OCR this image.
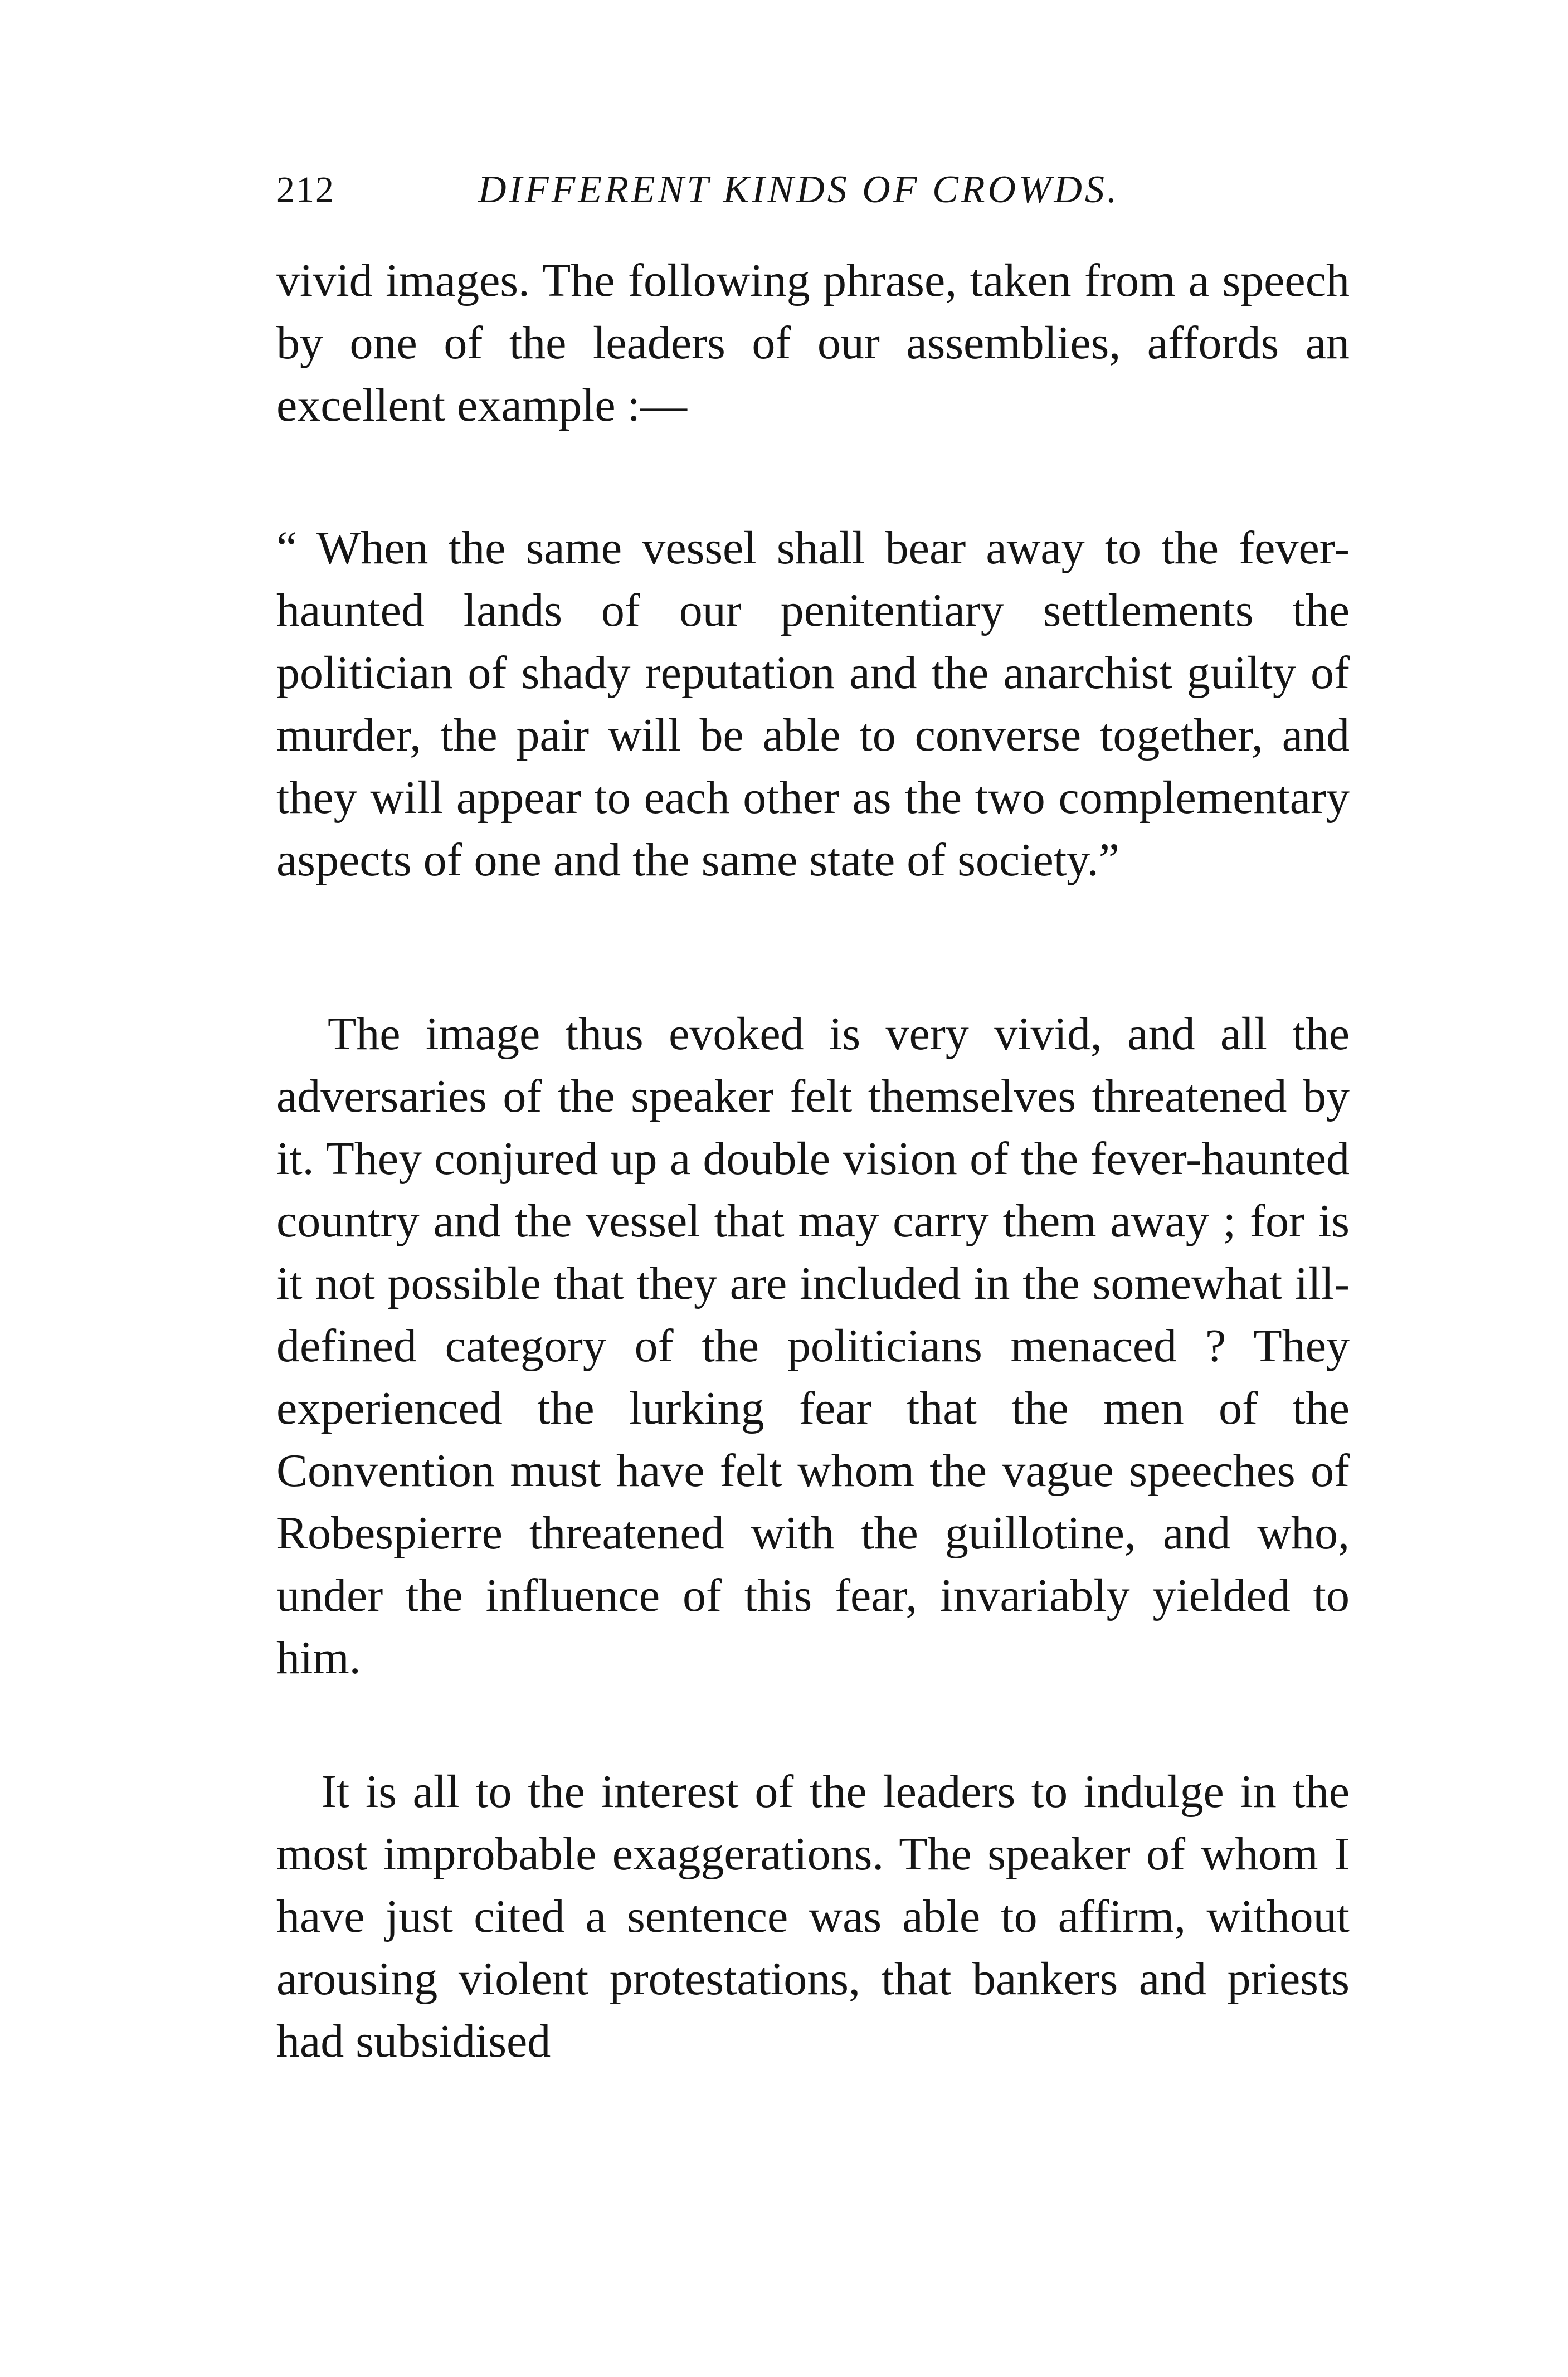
212	DIFFERENT KINDS OF CROWDS.

vivid images. The following phrase, taken from a speech by one of the leaders of our assemblies, affords an excellent example :—

“ When the same vessel shall bear away to the fever-haunted lands of our penitentiary settlements the politician of shady reputation and the anarchist guilty of murder, the pair will be able to converse together, and they will appear to each other as the two complementary aspects of one and the same state of society.”

The image thus evoked is very vivid, and all the adversaries of the speaker felt themselves threatened by it. They conjured up a double vision of the fever-haunted country and the vessel that may carry them away ; for is it not possible that they are included in the somewhat ill-defined category of the politicians menaced ? They experienced the lurking fear that the men of the Convention must have felt whom the vague speeches of Robespierre threatened with the guillotine, and who, under the influence of this fear, invariably yielded to him.

It is all to the interest of the leaders to indulge in the most improbable exaggerations. The speaker of whom I have just cited a sentence was able to affirm, without arousing violent protestations, that bankers and priests had subsidised
